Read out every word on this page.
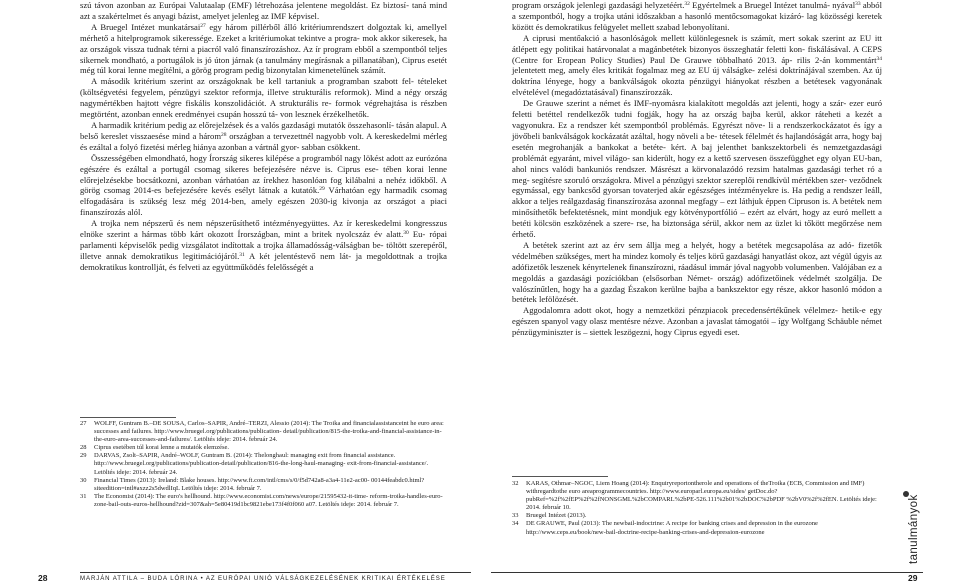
szú távon azonban az Európai Valutaalap (EMF) létrehozása jelentene megoldást. Ez biztosí- taná mind azt a szakértelmet és anyagi bázist, amelyet jelenleg az IMF képvisel.

A Bruegel Intézet munkatársai$^{27}$ egy három pillérből álló kritériumrendszert dolgoztak ki, amellyel mérhető a hitelprogramok sikeressége. Ezeket a kritériumokat tekintve a progra- mok akkor sikeresek, ha az országok vissza tudnak térni a piacról való finanszírozáshoz. Az ír program ebből a szempontból teljes sikernek mondható, a portugálok is jó úton járnak (a tanulmány megírásnak a pillanatában), Ciprus esetét még túl korai lenne megítélni, a görög program pedig bizonytalan kimenetelűnek számít.

A második kritérium szerint az országoknak be kell tartaniuk a programban szabott fel- tételeket (költségvetési fegyelem, pénzügyi szektor reformja, illetve strukturális reformok). Mind a négy ország nagymértékben hajtott végre fiskális konszolidációt. A strukturális re- formok végrehajtása is részben megtörtént, azonban ennek eredményei csupán hosszú tá- von lesznek érzékelhetők.

A harmadik kritérium pedig az előrejelzések és a valós gazdasági mutatók összehasonlí- tásán alapul. A belső kereslet visszaesése mind a három$^{28}$ országban a tervezettnél nagyobb volt. A kereskedelmi mérleg és ezáltal a folyó fizetési mérleg hiánya azonban a vártnál gyor- sabban csökkent.

Összességében elmondható, hogy Írország sikeres kilépése a programból nagy lökést adott az eurózóna egészére és ezáltal a portugál csomag sikeres befejezésére nézve is. Ciprus ese- tében korai lenne előrejelzésekbe bocsátkozni, azonban várhatóan az írekhez hasonlóan fog kilábalni a nehéz időkből. A görög csomag 2014-es befejezésére kevés esélyt látnak a kutatók.$^{29}$ Várhatóan egy harmadik csomag elfogadására is szükség lesz még 2014-ben, amely egészen 2030-ig kivonja az országot a piaci finanszírozás alól.

A trojka nem népszerű és nem népszerűsíthető intézményegyüttes. Az ír kereskedelmi kongresszus elnöke szerint a hármas több kárt okozott Írországban, mint a britek nyolcszáz év alatt.$^{30}$ Eu- rópai parlamenti képviselők pedig vizsgálatot indítottak a trojka államadósság-válságban be- töltött szerepéről, illetve annak demokratikus legitimációjáról.$^{31}$ A két jelentéstevő nem lát- ja megoldottnak a trojka demokratikus kontrollját, és felveti az együttműködés felelősségét a

program országok jelenlegi gazdasági helyzetéért.$^{32}$ Egyértelmek a Bruegel Intézet tanulmá- nyával$^{33}$ abból a szempontból, hogy a trojka utáni időszakban a hasonló mentőcsomagokat kizáró- lag közösségi keretek között és demokratikus felügyelet mellett szabad lebonyolítani.

A ciprusi mentőakció a hasonlóságok mellett különlegesnek is számít, mert sokak szerint az EU itt átlépett egy politikai határvonalat a magánbetétek bizonyos összeghatár feletti kon- fiskálásával. A CEPS (Centre for Eropean Policy Studies) Paul De Grauwe többalható 2013. áp- rilis 2-án kommentárt$^{34}$ jelentetett meg, amely éles kritikát fogalmaz meg az EU új válságke- zelési doktrínájával szemben. Az új doktrína lényege, hogy a bankválságok okozta pénzügyi hiányokat részben a betétesek vagyonának elvételével (megadóztatásával) finanszírozzák.

De Grauwe szerint a német és IMF-nyomásra kialakított megoldás azt jelenti, hogy a szár- ezer euró feletti betéttel rendelkezők tudni fogják, hogy ha az ország bajba kerül, akkor ráteheti a kezét a vagyonukra. Ez a rendszer két szempontból problémás. Egyrészt növe- li a rendszerkockázatot és így a jövőbeli bankválságok kockázatát azáltal, hogy növeli a be- tétesek félelmét és hajlandóságát arra, hogy baj esetén megrohanják a bankokat a betéte- kért. A baj jelenthet bankszektorbeli és nemzetgazdasági problémát egyaránt, mivel világo- san kiderült, hogy ez a kettő szervesen összefügghet egy olyan EU-ban, ahol nincs valódi bankuniós rendszer. Másrészt a körvonalazódó rezsim hatalmas gazdasági terhet ró a meg- segítésre szoruló országokra. Mivel a pénzügyi szektor szereplői rendkívül mértékben szer- veződnek egymással, egy bankcsőd gyorsan tovaterjed akár egészséges intézményekre is. Ha pedig a rendszer leáll, akkor a teljes reálgazdaság finanszírozása azonnal megfagy – ezt láthjuk éppen Cipruson is. A betétek nem minősíthetők befektetésnek, mint mondjuk egy kötvényportfólió – ezért az elvárt, hogy az euró mellett a betéti kölcsön eszközének a szere- rse, ha biztonsága sérül, akkor nem az üzlet ki tőkött megőrzése nem érhető.

A betétek szerint azt az érv sem állja meg a helyét, hogy a betétek megcsapolása az adó- fizetők védelmében szükséges, mert ha mindez komoly és teljes körű gazdasági hanyatlást okoz, azt végül úgyis az adófizetők leszenek kényrtelenek finanszírozni, ráadásul immár jóval nagyobb volumenben. Valójában ez a megoldás a gazdasági pozíciókban (elsősorban Német- ország) adófizetőinek védelmét szolgálja. De valószínűtlen, hogy ha a gazdag Északon kerülne bajba a bankszektor egy része, akkor hasonló módon a betétek lefölözését.

Aggodalomra adott okot, hogy a nemzetközi pénzpiacok precedensértékűnek vélelmez- hetik-e egy egészen spanyol vagy olasz mentésre nézve. Azonban a javaslat támogatói – így Wolfgang Schäuble német pénzügyminiszter is – siettek leszögezni, hogy Ciprus egyedi eset.

27 WOLFF, Guntram B.–DE SOUSA, Carlos–SAPIR, André–TERZI, Alessio (2014): The Troika and financialassistanceint he euro area: successes and failures. http://www.bruegel.org/publications/publication- detail/publication/815-the-troika-and-financial-assistance-in-the-euro-area-successes-and-failures/. Letöltés ideje: 2014. február 24.
28 Ciprus esetében túl korai lenne a mutatók elemzése.
29 DARVAS, Zsolt–SAPIR, André–WOLF, Guntram B. (2014): Thelonghaul: managing exit from financial assistance. http://www.bruegel.org/publications/publication-detail/publication/816-the-long-haul-managing- exit-from-financial-assistance/. Letöltés ideje: 2014. február 24.
30 Financial Times (2013): Ireland: Blake houses. http://www.ft.com/intl/cms/s/0/f5d742a8-a3a4-11e2-ac00- 00144feabdc0.html?siteedition=intl#axzz2s5dwdlIqL Letöltés ideje: 2014. február 7.
31 The Economist (2014): The euro's hellhound. http://www.economist.com/news/europe/21595432-it-time- reform-troika-handles-euro-zone-bail-outs-euros-hellhound?zid=307&ah=5e80419d1bc9821ebe173f4f0f060 a07. Letöltés ideje: 2014. február 7.
32 KARAS, Othmar–NGOC, Liem Hoang (2014): Enquiryreportontherole and operations of theTroika (ECB, Commission and IMF) withregardtothe euro areaprogrammecountries. http://www.europarl.europa.eu/sides/ getDoc.do?pubRef=%2f%2fEP%2f%2fNONSGML%2bCOMPARL%2bPE-526.111%2b01%2bDOC%2bPDF %2bV0%2f%2fEN. Letöltés ideje: 2014. február 10.
33 Bruegel Intézet (2013).
34 DE GRAUWE, Paul (2013): The newbail-indoctrine: A recipe for banking crises and depression in the eurozone http://www.ceps.eu/book/new-bail-doctrine-recipe-banking-crises-and-depression-eurozone
28	MARJÁN ATTILA – BUDA LÓRINA • AZ EURÓPAI UNIÓ VÁLSÁGKEZELÉSÉNEK KRITIKAI ÉRTÉKELÉSE	29
tanulmányok
